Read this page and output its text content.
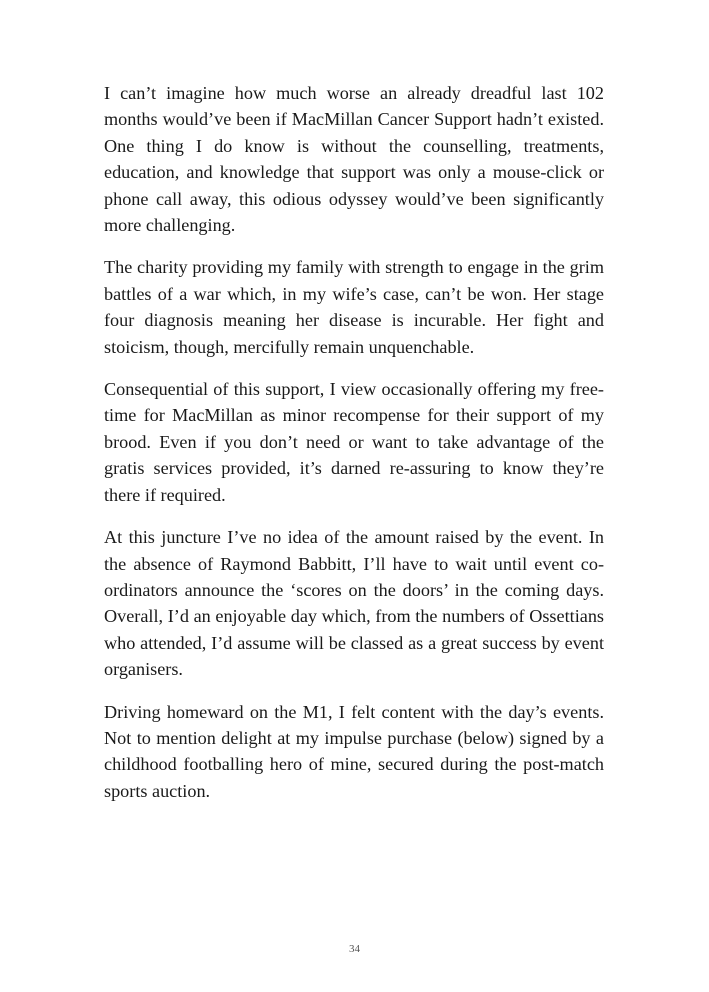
I can’t imagine how much worse an already dreadful last 102 months would’ve been if MacMillan Cancer Support hadn’t existed. One thing I do know is without the counselling, treatments, education, and knowledge that support was only a mouse-click or phone call away, this odious odyssey would’ve been significantly more challenging.

The charity providing my family with strength to engage in the grim battles of a war which, in my wife’s case, can’t be won. Her stage four diagnosis meaning her disease is incurable. Her fight and stoicism, though, mercifully remain unquenchable.

Consequential of this support, I view occasionally offering my free-time for MacMillan as minor recompense for their support of my brood. Even if you don’t need or want to take advantage of the gratis services provided, it’s darned re-assuring to know they’re there if required.

At this juncture I’ve no idea of the amount raised by the event. In the absence of Raymond Babbitt, I’ll have to wait until event co-ordinators announce the ‘scores on the doors’ in the coming days. Overall, I’d an enjoyable day which, from the numbers of Ossettians who attended, I’d assume will be classed as a great success by event organisers.

Driving homeward on the M1, I felt content with the day’s events. Not to mention delight at my impulse purchase (below) signed by a childhood footballing hero of mine, secured during the post-match sports auction.

34
